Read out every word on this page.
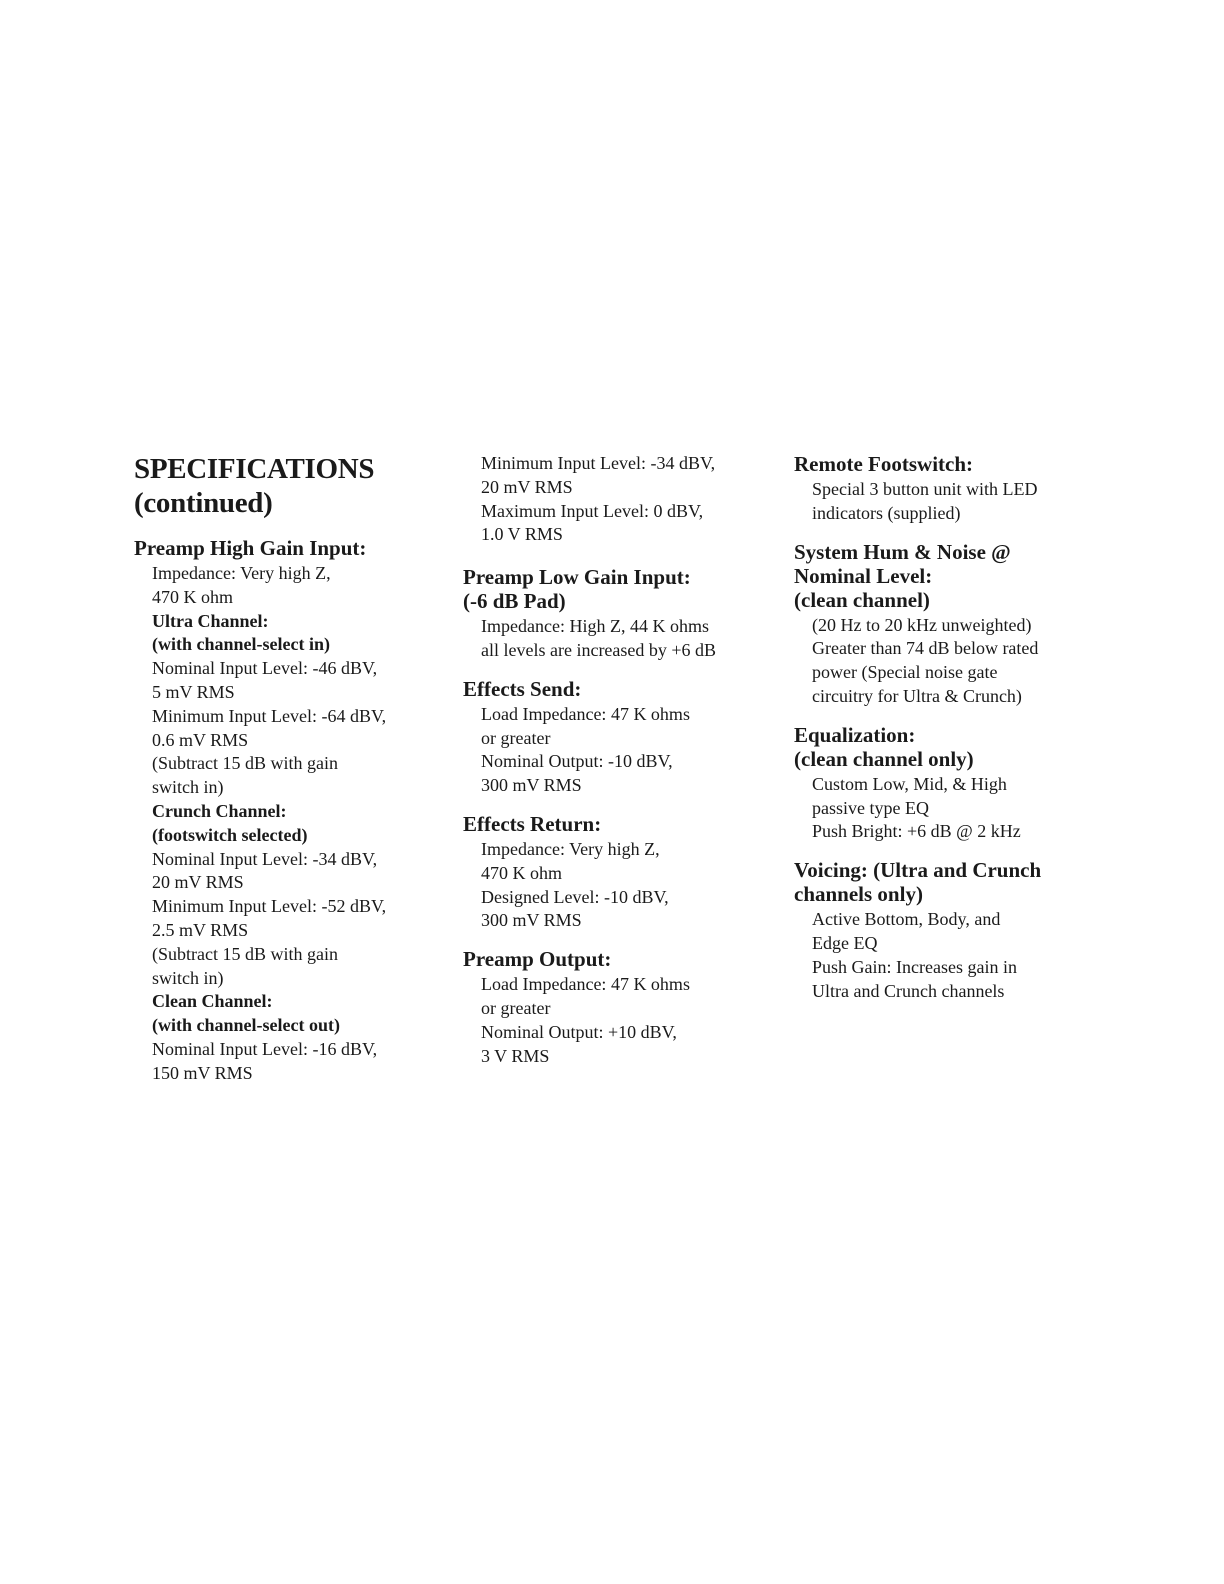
SPECIFICATIONS
(continued)
Preamp High Gain Input:
Impedance: Very high Z,
470 K ohm
Ultra Channel:
(with channel-select in)
Nominal Input Level: -46 dBV,
5 mV RMS
Minimum Input Level: -64 dBV,
0.6 mV RMS
(Subtract 15 dB with gain
switch in)
Crunch Channel:
(footswitch selected)
Nominal Input Level: -34 dBV,
20 mV RMS
Minimum Input Level: -52 dBV,
2.5 mV RMS
(Subtract 15 dB with gain
switch in)
Clean Channel:
(with channel-select out)
Nominal Input Level: -16 dBV,
150 mV RMS
Minimum Input Level: -34 dBV,
20 mV RMS
Maximum Input Level: 0 dBV,
1.0 V RMS
Preamp Low Gain Input:
(-6 dB Pad)
Impedance: High Z, 44 K ohms
all levels are increased by +6 dB
Effects Send:
Load Impedance: 47 K ohms
or greater
Nominal Output: -10 dBV,
300 mV RMS
Effects Return:
Impedance: Very high Z,
470 K ohm
Designed Level: -10 dBV,
300 mV RMS
Preamp Output:
Load Impedance: 47 K ohms
or greater
Nominal Output: +10 dBV,
3 V RMS
Remote Footswitch:
Special 3 button unit with LED
indicators (supplied)
System Hum & Noise @
Nominal Level:
(clean channel)
(20 Hz to 20 kHz unweighted)
Greater than 74 dB below rated
power (Special noise gate
circuitry for Ultra & Crunch)
Equalization:
(clean channel only)
Custom Low, Mid, & High
passive type EQ
Push Bright: +6 dB @ 2 kHz
Voicing: (Ultra and Crunch
channels only)
Active Bottom, Body, and
Edge EQ
Push Gain: Increases gain in
Ultra and Crunch channels
